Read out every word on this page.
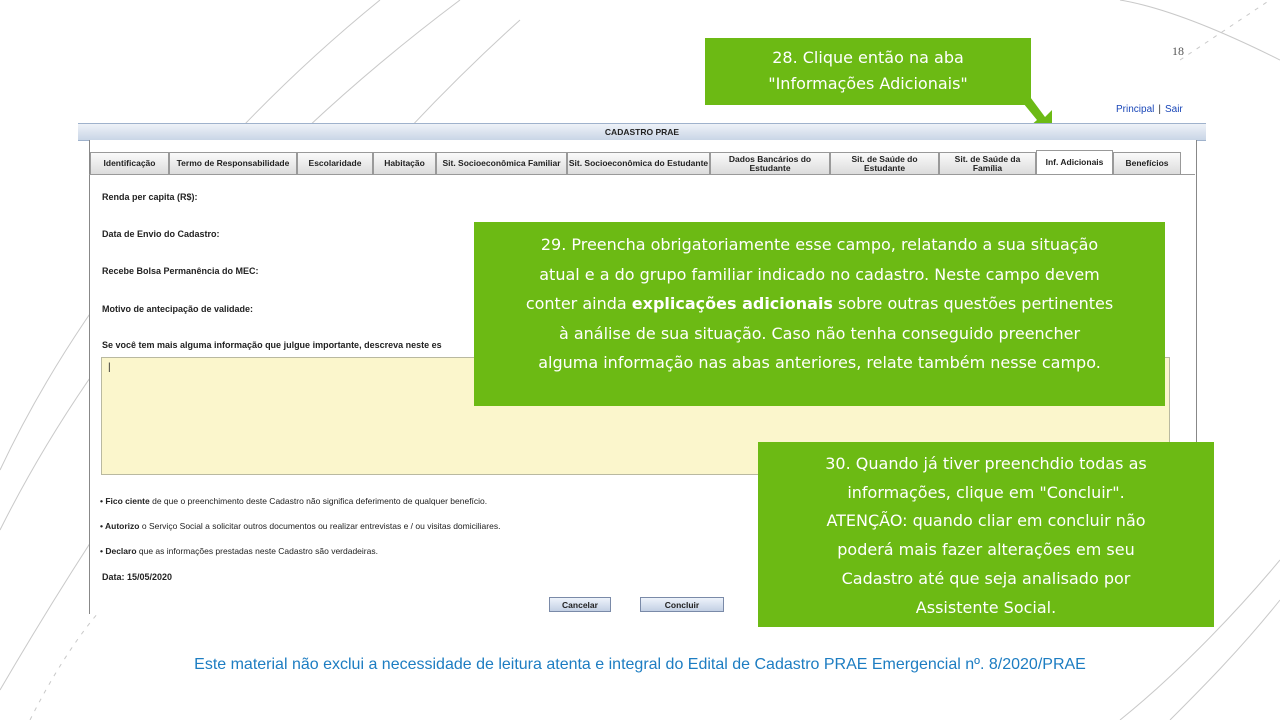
18
Principal | Sair
CADASTRO PRAE
Identificação	Termo de Responsabilidade	Escolaridade	Habitação	Sit. Socioeconômica Familiar Sit. Socioeconômica do Estudante	Dados Bancários do Estudante
Sit. de Saúde do Estudante
Sit. de Saúde da Família
Inf. Adicionais	Benefícios
Renda per capita (R$):
Data de Envio do Cadastro:
Recebe Bolsa Permanência do MEC:
Motivo de antecipação de validade:
Se você tem mais alguma informação que julgue importante, descreva neste es
|
• Fico ciente de que o preenchimento deste Cadastro não significa deferimento de qualquer benefício.
• Autorizo o Serviço Social a solicitar outros documentos ou realizar entrevistas e / ou visitas domiciliares.
• Declaro que as informações prestadas neste Cadastro são verdadeiras.
Data: 15/05/2020
Cancelar	Concluir
28. Clique então na aba
"Informações Adicionais"
29. Preencha obrigatoriamente esse campo, relatando a sua situação
atual e a do grupo familiar indicado no cadastro. Neste campo devem
conter ainda explicações adicionais sobre outras questões pertinentes
à análise de sua situação. Caso não tenha conseguido preencher
alguma informação nas abas anteriores, relate também nesse campo.
30. Quando já tiver preenchdio todas as
informações, clique em "Concluir".
ATENÇÃO: quando cliar em concluir não
poderá mais fazer alterações em seu
Cadastro até que seja analisado por
Assistente Social.
Este material não exclui a necessidade de leitura atenta e integral do Edital de Cadastro PRAE Emergencial nº. 8/2020/PRAE
